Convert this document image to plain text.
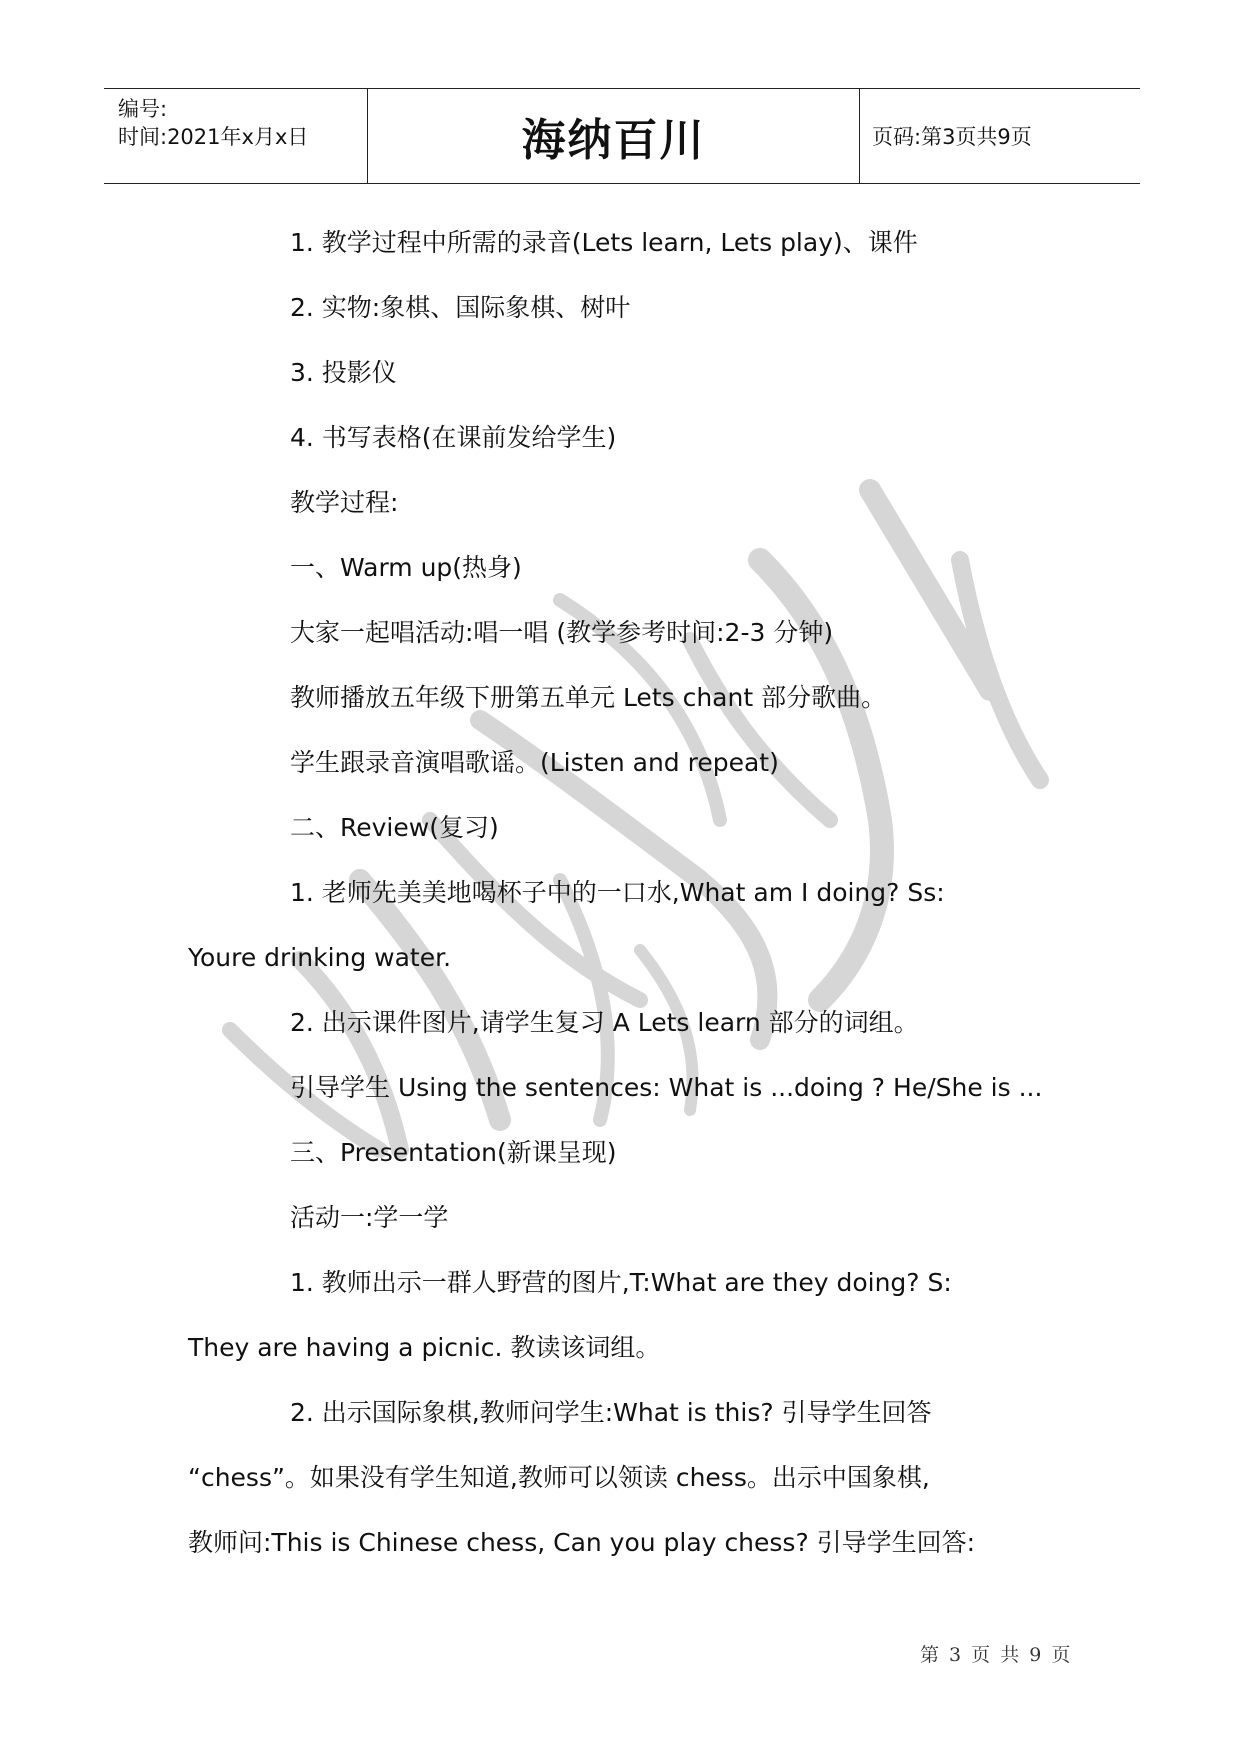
编号:
时间:2021年x月x日	海纳百川	页码:第3页共9页
1. 教学过程中所需的录音(Lets learn, Lets play)、课件
2. 实物:象棋、国际象棋、树叶
3. 投影仪
4. 书写表格(在课前发给学生)
教学过程:
一、Warm up(热身)
大家一起唱活动:唱一唱 (教学参考时间:2-3 分钟)
教师播放五年级下册第五单元 Lets chant 部分歌曲。
学生跟录音演唱歌谣。(Listen and repeat)
二、Review(复习)
1. 老师先美美地喝杯子中的一口水,What am I doing? Ss:
Youre drinking water.
2. 出示课件图片,请学生复习 A Lets learn 部分的词组。
引导学生 Using the sentences: What is ...doing ? He/She is ...
三、Presentation(新课呈现)
活动一:学一学
1. 教师出示一群人野营的图片,T:What are they doing? S:
They are having a picnic. 教读该词组。
2. 出示国际象棋,教师问学生:What is this? 引导学生回答
“chess”。如果没有学生知道,教师可以领读 chess。出示中国象棋,
教师问:This is Chinese chess, Can you play chess? 引导学生回答:
第 3 页 共 9 页
